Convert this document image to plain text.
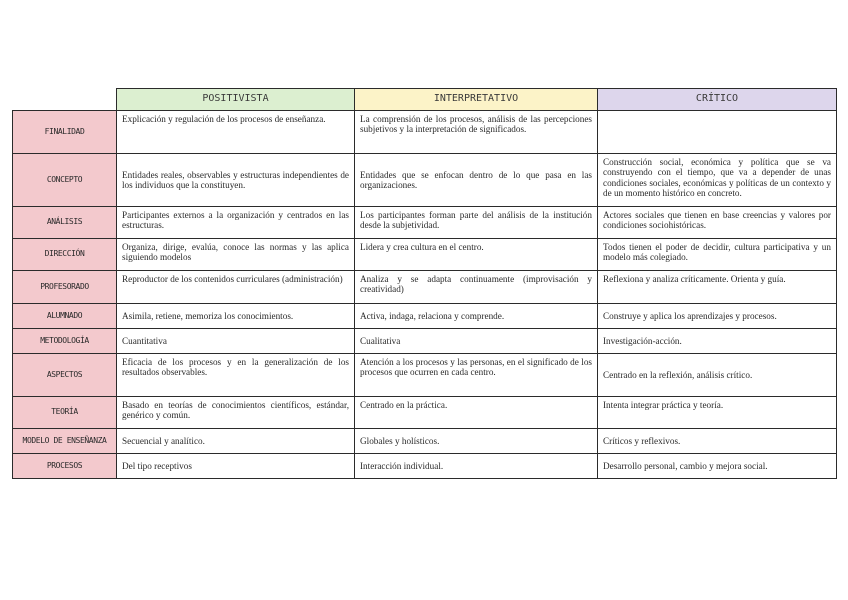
	POSITIVISTA	INTERPRETATIVO	CRÍTICO
FINALIDAD	Explicación y regulación de los procesos de enseñanza.	La comprensión de los procesos, análisis de las percepciones subjetivos y la interpretación de significados.	
CONCEPTO	Entidades reales, observables y estructuras independientes de los individuos que la constituyen.	Entidades que se enfocan dentro de lo que pasa en las organizaciones.	Construcción social, económica y política que se va construyendo con el tiempo, que va a depender de unas condiciones sociales, económicas y políticas de un contexto y de un momento histórico en concreto.
ANÁLISIS	Participantes externos a la organización y centrados en las estructuras.	Los participantes forman parte del análisis de la institución desde la subjetividad.	Actores sociales que tienen en base creencias y valores por condiciones sociohistóricas.
DIRECCIÓN	Organiza, dirige, evalúa, conoce las normas y las aplica siguiendo modelos	Lidera y crea cultura en el centro.	Todos tienen el poder de decidir, cultura participativa y un modelo más colegiado.
PROFESORADO	Reproductor de los contenidos curriculares (administración)	Analiza y se adapta continuamente (improvisación y creatividad)	Reflexiona y analiza críticamente. Orienta y guía.
ALUMNADO	Asimila, retiene, memoriza los conocimientos.	Activa, indaga, relaciona y comprende.	Construye y aplica los aprendizajes y procesos.
METODOLOGÍA	Cuantitativa	Cualitativa	Investigación-acción.
ASPECTOS	Eficacia de los procesos y en la generalización de los resultados observables.	Atención a los procesos y las personas, en el significado de los procesos que ocurren en cada centro.	Centrado en la reflexión, análisis crítico.
TEORÍA	Basado en teorías de conocimientos científicos, estándar, genérico y común.	Centrado en la práctica.	Intenta integrar práctica y teoría.
MODELO DE ENSEÑANZA	Secuencial y analítico.	Globales y holísticos.	Críticos y reflexivos.
PROCESOS	Del tipo receptivos	Interacción individual.	Desarrollo personal, cambio y mejora social.
